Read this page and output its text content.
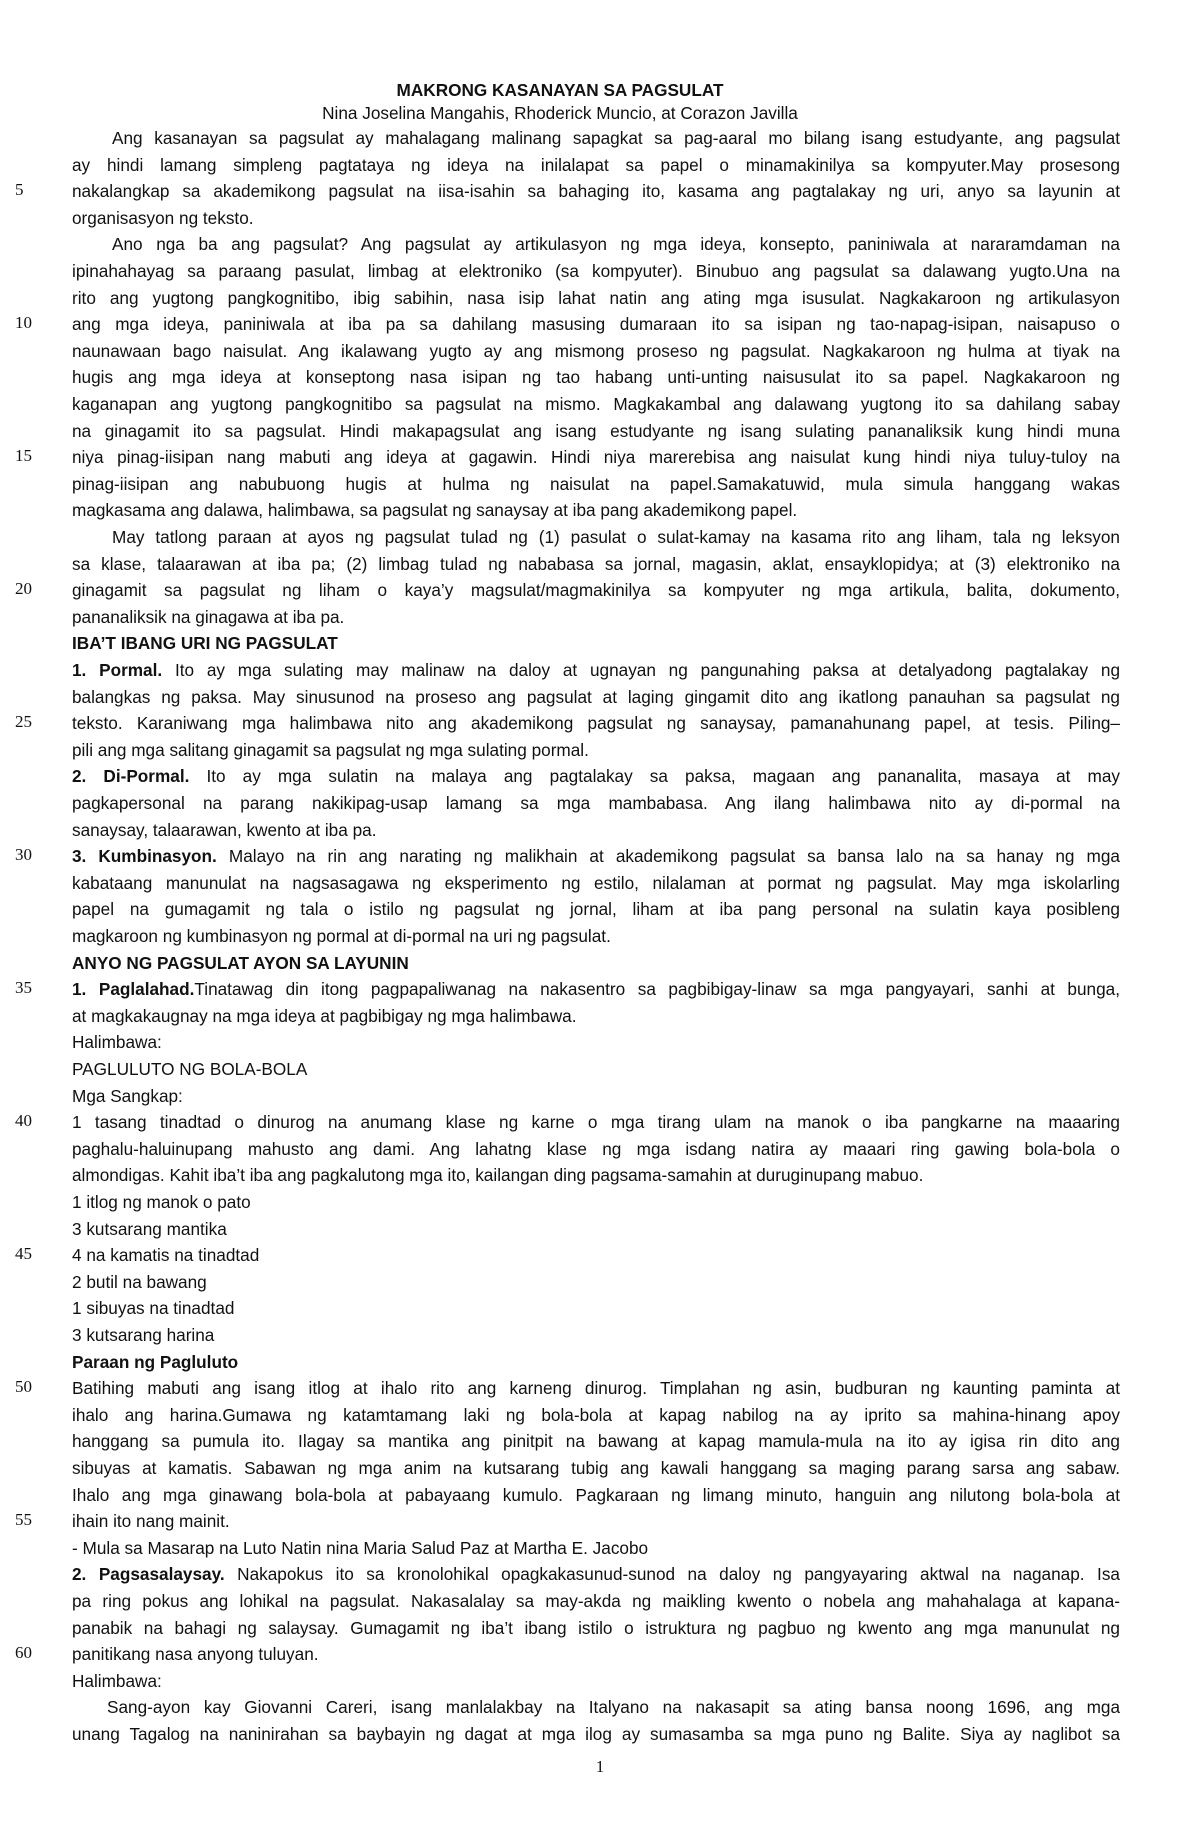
MAKRONG KASANAYAN SA PAGSULAT
Nina Joselina Mangahis, Rhoderick Muncio, at Corazon Javilla
Ang kasanayan sa pagsulat ay mahalagang malinang sapagkat sa pag-aaral mo bilang isang estudyante, ang pagsulat
ay hindi lamang simpleng pagtataya ng ideya na inilalapat sa papel o minamakinilya sa kompyuter.May prosesong
5	nakalangkap sa akademikong pagsulat na iisa-isahin sa bahaging ito, kasama ang pagtalakay ng uri, anyo sa layunin at
organisasyon ng teksto.
Ano nga ba ang pagsulat? Ang pagsulat ay artikulasyon ng mga ideya, konsepto, paniniwala at nararamdaman na
ipinahahayag sa paraang pasulat, limbag at elektroniko (sa kompyuter). Binubuo ang pagsulat sa dalawang yugto.Una na
rito ang yugtong pangkognitibo, ibig sabihin, nasa isip lahat natin ang ating mga isusulat. Nagkakaroon ng artikulasyon
10	ang mga ideya, paniniwala at iba pa sa dahilang masusing dumaraan ito sa isipan ng tao-napag-isipan, naisapuso o
naunawaan bago naisulat. Ang ikalawang yugto ay ang mismong proseso ng pagsulat. Nagkakaroon ng hulma at tiyak na
hugis ang mga ideya at konseptong nasa isipan ng tao habang unti-unting naisusulat ito sa papel. Nagkakaroon ng
kaganapan ang yugtong pangkognitibo sa pagsulat na mismo. Magkakambal ang dalawang yugtong ito sa dahilang sabay
na ginagamit ito sa pagsulat. Hindi makapagsulat ang isang estudyante ng isang sulating pananaliksik kung hindi muna
15	niya pinag-iisipan nang mabuti ang ideya at gagawin. Hindi niya marerebisa ang naisulat kung hindi niya tuluy-tuloy na
pinag-iisipan ang nabubuong hugis at hulma ng naisulat na papel.Samakatuwid, mula simula hanggang wakas
magkasama ang dalawa, halimbawa, sa pagsulat ng sanaysay at iba pang akademikong papel.
May tatlong paraan at ayos ng pagsulat tulad ng (1) pasulat o sulat-kamay na kasama rito ang liham, tala ng leksyon
sa klase, talaarawan at iba pa; (2) limbag tulad ng nababasa sa jornal, magasin, aklat, ensayklopidya; at (3) elektroniko na
20	ginagamit sa pagsulat ng liham o kaya’y magsulat/magmakinilya sa kompyuter ng mga artikula, balita, dokumento,
pananaliksik na ginagawa at iba pa.
IBA’T IBANG URI NG PAGSULAT
1. Pormal. Ito ay mga sulating may malinaw na daloy at ugnayan ng pangunahing paksa at detalyadong pagtalakay ng
balangkas ng paksa. May sinusunod na proseso ang pagsulat at laging gingamit dito ang ikatlong panauhan sa pagsulat ng
25	teksto. Karaniwang mga halimbawa nito ang akademikong pagsulat ng sanaysay, pamanahunang papel, at tesis. Piling–
pili ang mga salitang ginagamit sa pagsulat ng mga sulating pormal.
2. Di-Pormal. Ito ay mga sulatin na malaya ang pagtalakay sa paksa, magaan ang pananalita, masaya at may
pagkapersonal na parang nakikipag-usap lamang sa mga mambabasa. Ang ilang halimbawa nito ay di-pormal na
sanaysay, talaarawan, kwento at iba pa.
30	3. Kumbinasyon. Malayo na rin ang narating ng malikhain at akademikong pagsulat sa bansa lalo na sa hanay ng mga
kabataang manunulat na nagsasagawa ng eksperimento ng estilo, nilalaman at pormat ng pagsulat. May mga iskolarling
papel na gumagamit ng tala o istilo ng pagsulat ng jornal, liham at iba pang personal na sulatin kaya posibleng
magkaroon ng kumbinasyon ng pormal at di-pormal na uri ng pagsulat.
ANYO NG PAGSULAT AYON SA LAYUNIN
35	1. Paglalahad.Tinatawag din itong pagpapaliwanag na nakasentro sa pagbibigay-linaw sa mga pangyayari, sanhi at bunga,
at magkakaugnay na mga ideya at pagbibigay ng mga halimbawa.
Halimbawa:
PAGLULUTO NG BOLA-BOLA
Mga Sangkap:
40	1 tasang tinadtad o dinurog na anumang klase ng karne o mga tirang ulam na manok o iba pangkarne na maaaring
paghalu-haluinupang mahusto ang dami. Ang lahatng klase ng mga isdang natira ay maaari ring gawing bola-bola o
almondigas. Kahit iba’t iba ang pagkalutong mga ito, kailangan ding pagsama-samahin at duruginupang mabuo.
1 itlog ng manok o pato
3 kutsarang mantika
45	4 na kamatis na tinadtad
2 butil na bawang
1 sibuyas na tinadtad
3 kutsarang harina
Paraan ng Pagluluto
50	Batihing mabuti ang isang itlog at ihalo rito ang karneng dinurog. Timplahan ng asin, budburan ng kaunting paminta at
ihalo ang harina.Gumawa ng katamtamang laki ng bola-bola at kapag nabilog na ay iprito sa mahina-hinang apoy
hanggang sa pumula ito. Ilagay sa mantika ang pinitpit na bawang at kapag mamula-mula na ito ay igisa rin dito ang
sibuyas at kamatis. Sabawan ng mga anim na kutsarang tubig ang kawali hanggang sa maging parang sarsa ang sabaw.
Ihalo ang mga ginawang bola-bola at pabayaang kumulo. Pagkaraan ng limang minuto, hanguin ang nilutong bola-bola at
55	ihain ito nang mainit.
- Mula sa Masarap na Luto Natin nina Maria Salud Paz at Martha E. Jacobo
2. Pagsasalaysay. Nakapokus ito sa kronolohikal opagkakasunud-sunod na daloy ng pangyayaring aktwal na naganap. Isa
pa ring pokus ang lohikal na pagsulat. Nakasalalay sa may-akda ng maikling kwento o nobela ang mahahalaga at kapana-
panabik na bahagi ng salaysay. Gumagamit ng iba’t ibang istilo o istruktura ng pagbuo ng kwento ang mga manunulat ng
60	panitikang nasa anyong tuluyan.
Halimbawa:
Sang-ayon kay Giovanni Careri, isang manlalakbay na Italyano na nakasapit sa ating bansa noong 1696, ang mga
unang Tagalog na naninirahan sa baybayin ng dagat at mga ilog ay sumasamba sa mga puno ng Balite. Siya ay naglibot sa
1
